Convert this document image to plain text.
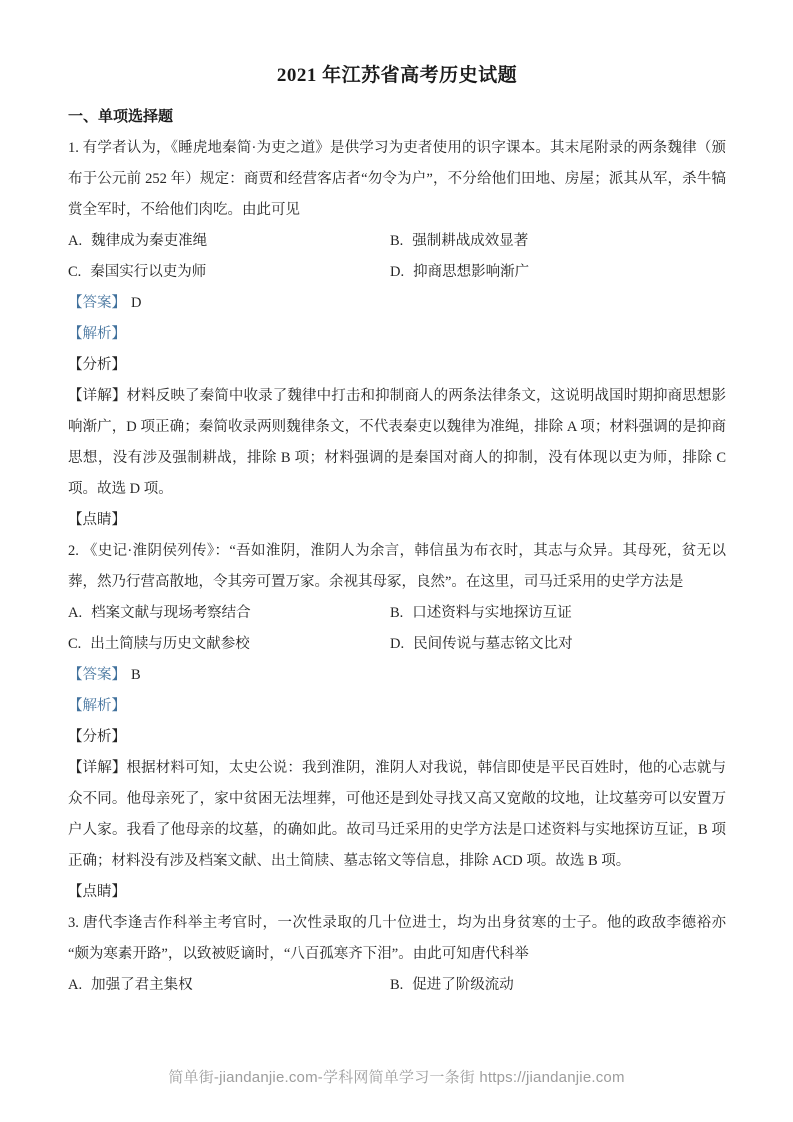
2021 年江苏省高考历史试题
一、单项选择题

1. 有学者认为，《睡虎地秦简·为吏之道》是供学习为吏者使用的识字课本。其末尾附录的两条魏律（颁布于公元前 252 年）规定：商贾和经营客店者“勿令为户”，不分给他们田地、房屋；派其从军，杀牛犒赏全军时，不给他们肉吃。由此可见

A. 魏律成为秦吏准绳	B. 强制耕战成效显著
C. 秦国实行以吏为师	D. 抑商思想影响渐广

【答案】 D

【解析】

【分析】

【详解】材料反映了秦简中收录了魏律中打击和抑制商人的两条法律条文，这说明战国时期抑商思想影响渐广，D 项正确；秦简收录两则魏律条文，不代表秦吏以魏律为准绳，排除 A 项；材料强调的是抑商思想，没有涉及强制耕战，排除 B 项；材料强调的是秦国对商人的抑制，没有体现以吏为师，排除 C 项。故选 D 项。

【点睛】

2. 《史记·淮阴侯列传》：“吾如淮阴，淮阴人为余言，韩信虽为布衣时，其志与众异。其母死，贫无以葬，然乃行营高散地，令其旁可置万家。余视其母冢，良然”。在这里，司马迁采用的史学方法是

A. 档案文献与现场考察结合	B. 口述资料与实地探访互证
C. 出土简牍与历史文献参校	D. 民间传说与墓志铭文比对

【答案】 B

【解析】

【分析】

【详解】根据材料可知，太史公说：我到淮阴，淮阴人对我说，韩信即使是平民百姓时，他的心志就与众不同。他母亲死了，家中贫困无法埋葬，可他还是到处寻找又高又宽敞的坟地，让坟墓旁可以安置万户人家。我看了他母亲的坟墓，的确如此。故司马迁采用的史学方法是口述资料与实地探访互证，B 项正确；材料没有涉及档案文献、出土简牍、墓志铭文等信息，排除 ACD 项。故选 B 项。

【点睛】

3. 唐代李逢吉作科举主考官时，一次性录取的几十位进士，均为出身贫寒的士子。他的政敌李德裕亦“颇为寒素开路”，以致被贬谪时，“八百孤寒齐下泪”。由此可知唐代科举

A. 加强了君主集权	B. 促进了阶级流动
简单街-jiandanjie.com-学科网简单学习一条街 https://jiandanjie.com
